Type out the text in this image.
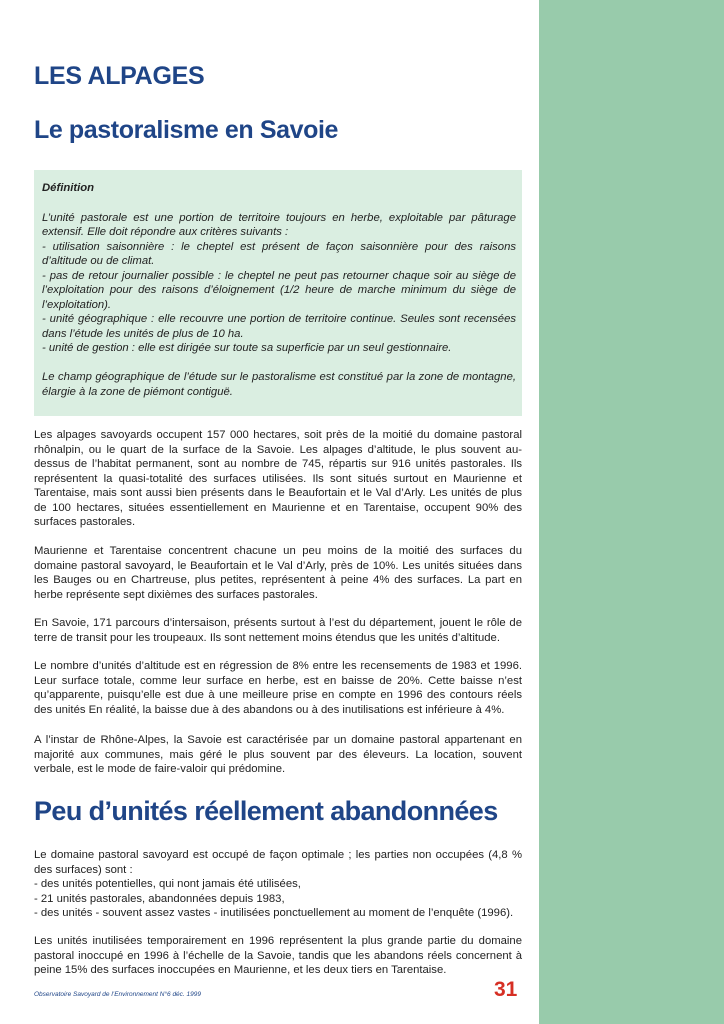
LES ALPAGES
Le pastoralisme en Savoie
Définition

L’unité pastorale est une portion de territoire toujours en herbe, exploitable par pâturage extensif. Elle doit répondre aux critères suivants :

- utilisation saisonnière : le cheptel est présent de façon saisonnière pour des raisons d’altitude ou de climat.

- pas de retour journalier possible : le cheptel ne peut pas retourner chaque soir au siège de l’exploitation pour des raisons d’éloignement (1/2 heure de marche minimum du siège de l’exploitation).

- unité géographique : elle recouvre une portion de territoire continue. Seules sont recensées dans l’étude les unités de plus de 10 ha.

- unité de gestion : elle est dirigée sur toute sa superficie par un seul gestionnaire.

Le champ géographique de l’étude sur le pastoralisme est constitué par la zone de montagne, élargie à la zone de piémont contiguë.

Les alpages savoyards occupent 157 000 hectares, soit près de la moitié du domaine pastoral rhônalpin, ou le quart de la surface de la Savoie. Les alpages d’altitude, le plus souvent au-dessus de l’habitat permanent, sont au nombre de 745, répartis sur 916 unités pastorales. Ils représentent la quasi-totalité des surfaces utilisées. Ils sont situés surtout en Maurienne et Tarentaise, mais sont aussi bien présents dans le Beaufortain et le Val d’Arly. Les unités de plus de 100 hectares, situées essentiellement en Maurienne et en Tarentaise, occupent 90% des surfaces pastorales.

Maurienne et Tarentaise concentrent chacune un peu moins de la moitié des surfaces du domaine pastoral savoyard, le Beaufortain et le Val d’Arly, près de 10%. Les unités situées dans les Bauges ou en Chartreuse, plus petites, représentent à peine 4% des surfaces. La part en herbe représente sept dixièmes des surfaces pastorales.

En Savoie, 171 parcours d’intersaison, présents surtout à l’est du département, jouent le rôle de terre de transit pour les troupeaux. Ils sont nettement moins étendus que les unités d’altitude.

Le nombre d’unités d’altitude est en régression de 8% entre les recensements de 1983 et 1996. Leur surface totale, comme leur surface en herbe, est en baisse de 20%. Cette baisse n’est qu’apparente, puisqu’elle est due à une meilleure prise en compte en 1996 des contours réels des unités En réalité, la baisse due à des abandons ou à des inutilisations est inférieure à 4%.

A l’instar de Rhône-Alpes, la Savoie est caractérisée par un domaine pastoral appartenant en majorité aux communes, mais géré le plus souvent par des éleveurs. La location, souvent verbale, est le mode de faire-valoir qui prédomine.

Peu d’unités réellement abandonnées
Le domaine pastoral savoyard est occupé de façon optimale ; les parties non occupées (4,8 % des surfaces) sont :
- des unités potentielles, qui nont jamais été utilisées,
- 21 unités pastorales, abandonnées depuis 1983,
- des unités - souvent assez vastes - inutilisées ponctuellement au moment de l’enquête (1996).

Les unités inutilisées temporairement en 1996 représentent la plus grande partie du domaine pastoral inoccupé en 1996 à l’échelle de la Savoie, tandis que les abandons réels concernent à peine 15% des surfaces inoccupées en Maurienne, et les deux tiers en Tarentaise.

Observatoire Savoyard de l’Environnement N°6 déc. 1999	31
